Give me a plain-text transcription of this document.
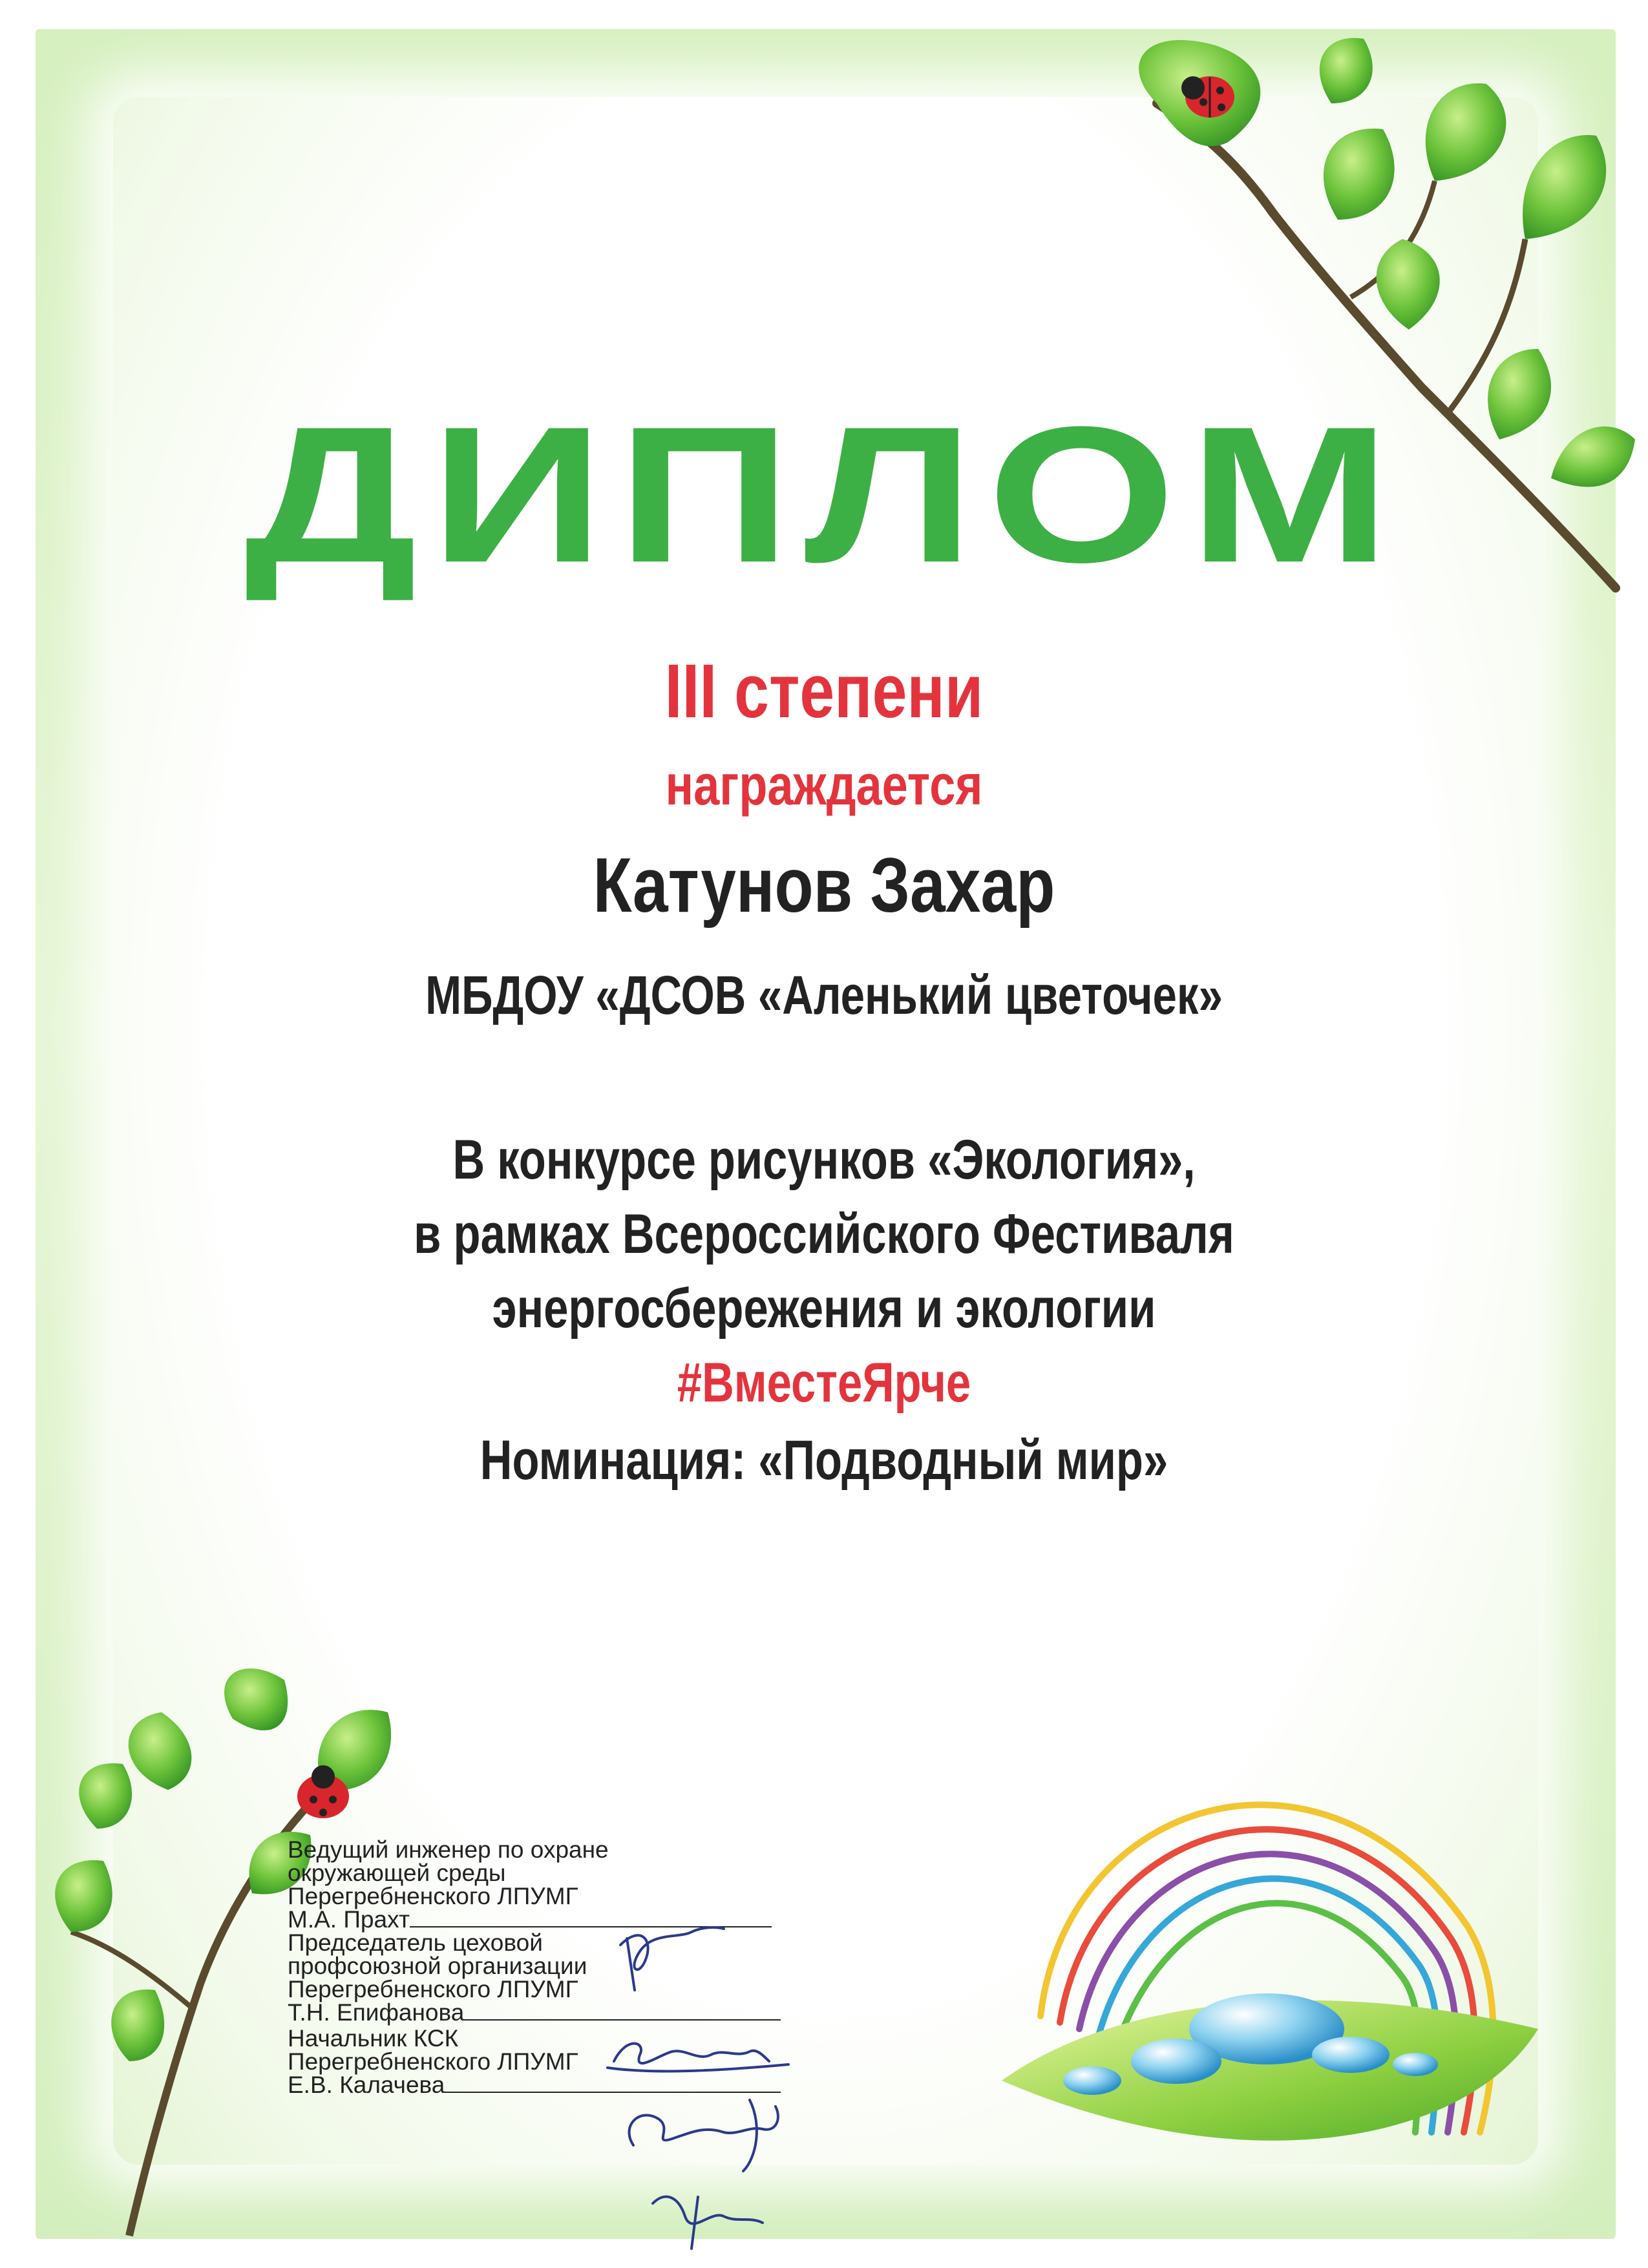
ДИПЛОМ
III степени
награждается
Катунов Захар
МБДОУ «ДСОВ «Аленький цветочек»
В конкурсе рисунков «Экология»,
в рамках Всероссийского Фестиваля
энергосбережения и экологии
#ВместеЯрче
Номинация: «Подводный мир»
Ведущий инженер по охране
окружающей среды
Перегребненского ЛПУМГ
М.А. Прахт
Председатель цеховой
профсоюзной организации
Перегребненского ЛПУМГ
Т.Н. Епифанова
Начальник КСК
Перегребненского ЛПУМГ
Е.В. Калачева
